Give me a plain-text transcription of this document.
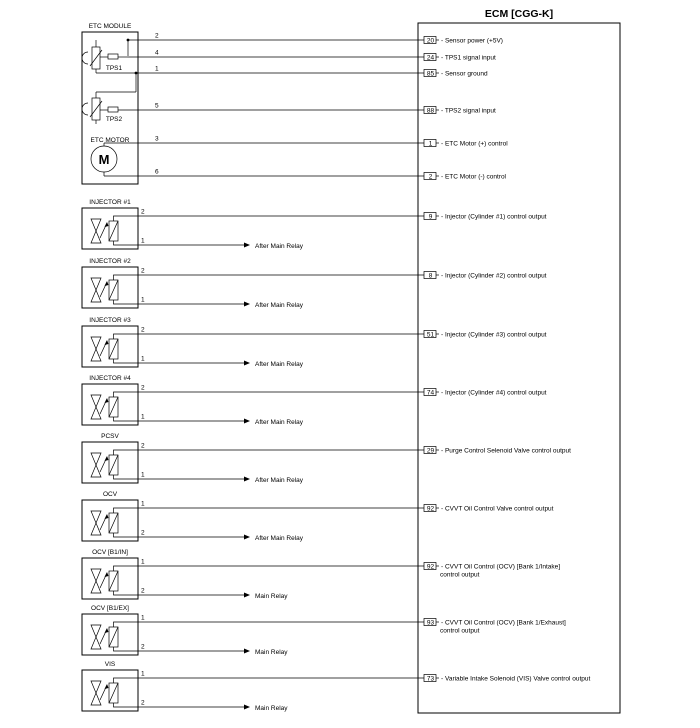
ECM [CGG-K]
ETC MODULE
TPS1
TPS2
ETC MOTOR
M
2
20 - Sensor power (+5V)
4
24 - TPS1 signal input
1
85 - Sensor ground
5
88 - TPS2 signal input
3
1 - ETC Motor (+) control
6
2 - ETC Motor (-) control
INJECTOR #1
2
1
After Main Relay
9 - Injector (Cylinder #1) control output
INJECTOR #2
2
1
After Main Relay
8 - Injector (Cylinder #2) control output
INJECTOR #3
2
1
After Main Relay
51 - Injector (Cylinder #3) control output
INJECTOR #4
2
1
After Main Relay
74 - Injector (Cylinder #4) control output
PCSV
2
1
After Main Relay
29 - Purge Control Selenoid Valve control output
OCV
1
2
After Main Relay
92 - CVVT Oil Control Valve control output
OCV [B1/IN]
1
2
Main Relay
92 - CVVT Oil Control (OCV) [Bank 1/Intake]
control output
OCV [B1/EX]
1
2
Main Relay
93 - CVVT Oil Control (OCV) [Bank 1/Exhaust]
control output
VIS
1
2
Main Relay
73 - Variable Intake Solenoid (VIS) Valve control output
